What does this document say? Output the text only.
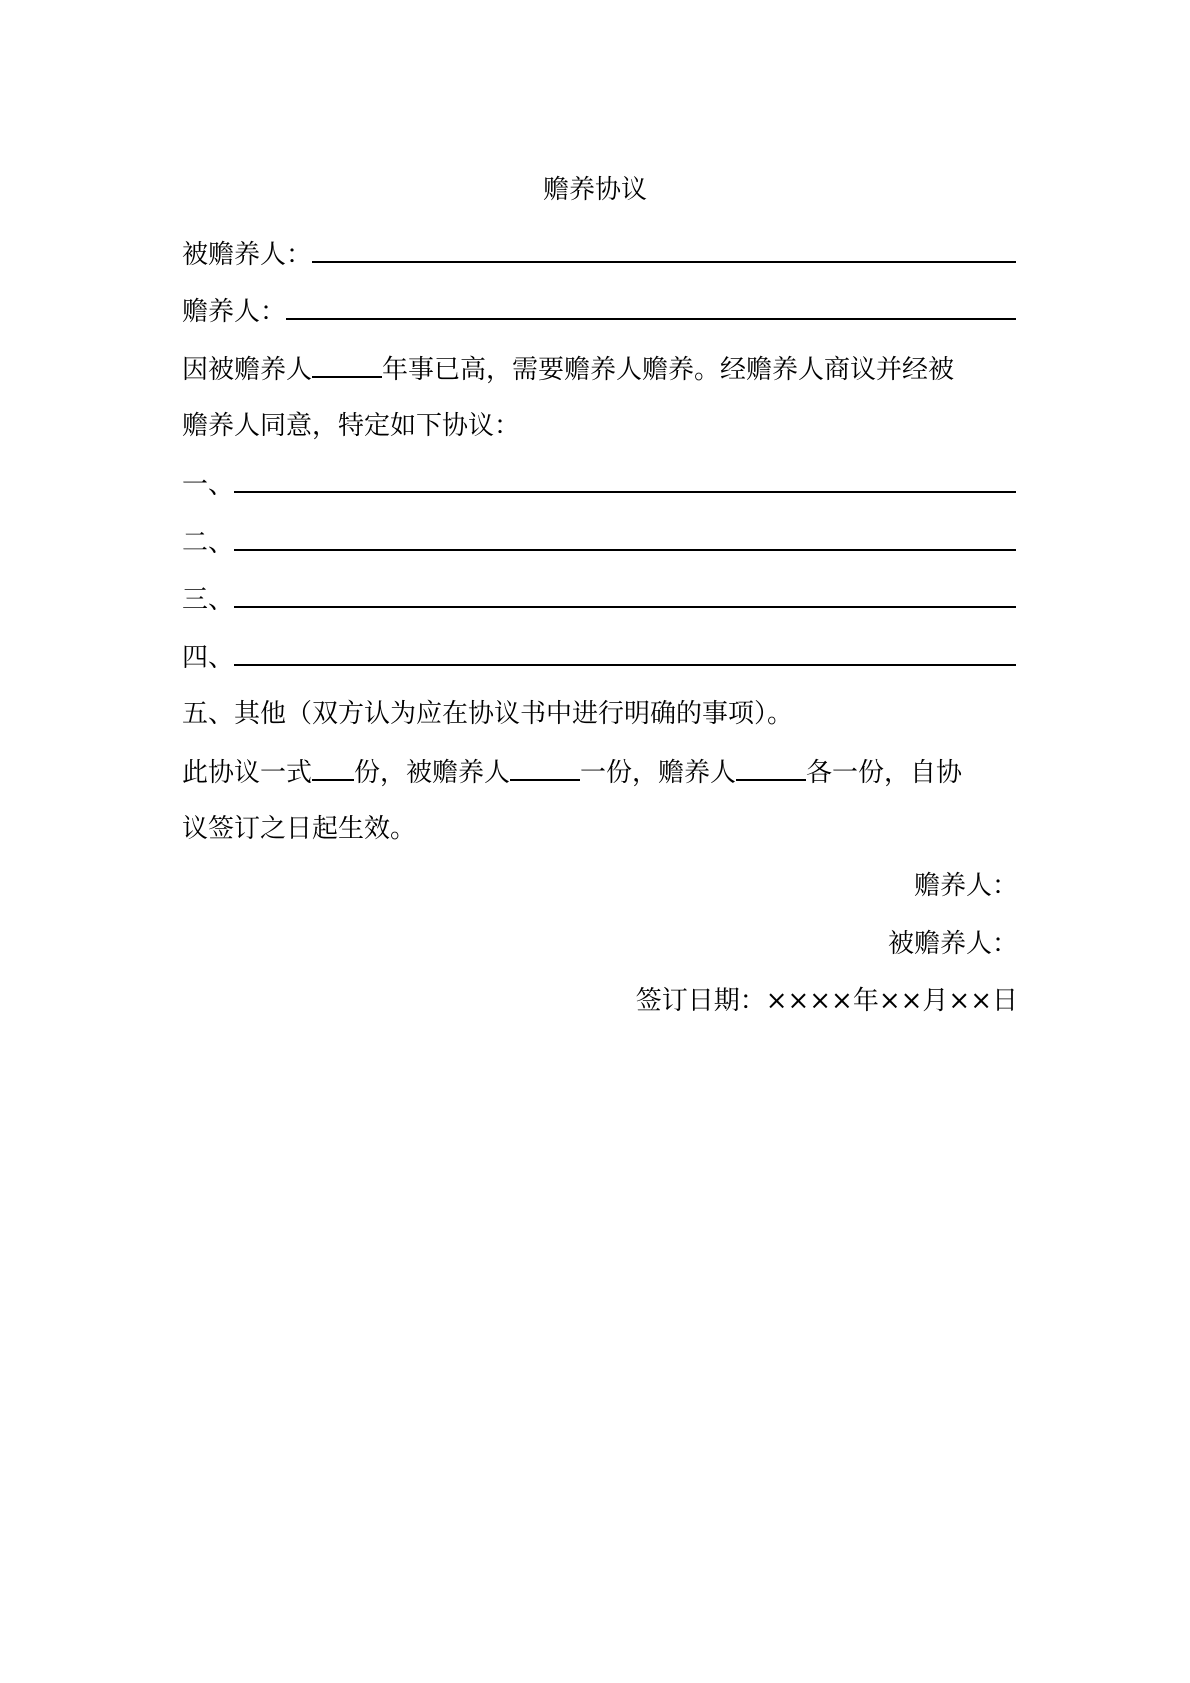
赡养协议
被赡养人：
赡养人：
因被赡养人	年事已高，需要赡养人赡养。经赡养人商议并经被
赡养人同意，特定如下协议：
一、
二、
三、
四、
五、其他（双方认为应在协议书中进行明确的事项）。
此协议一式 份，被赡养人	一份，赡养人	各一份，自协
议签订之日起生效。
赡养人：
被赡养人：
签订日期：××××年××月××日
